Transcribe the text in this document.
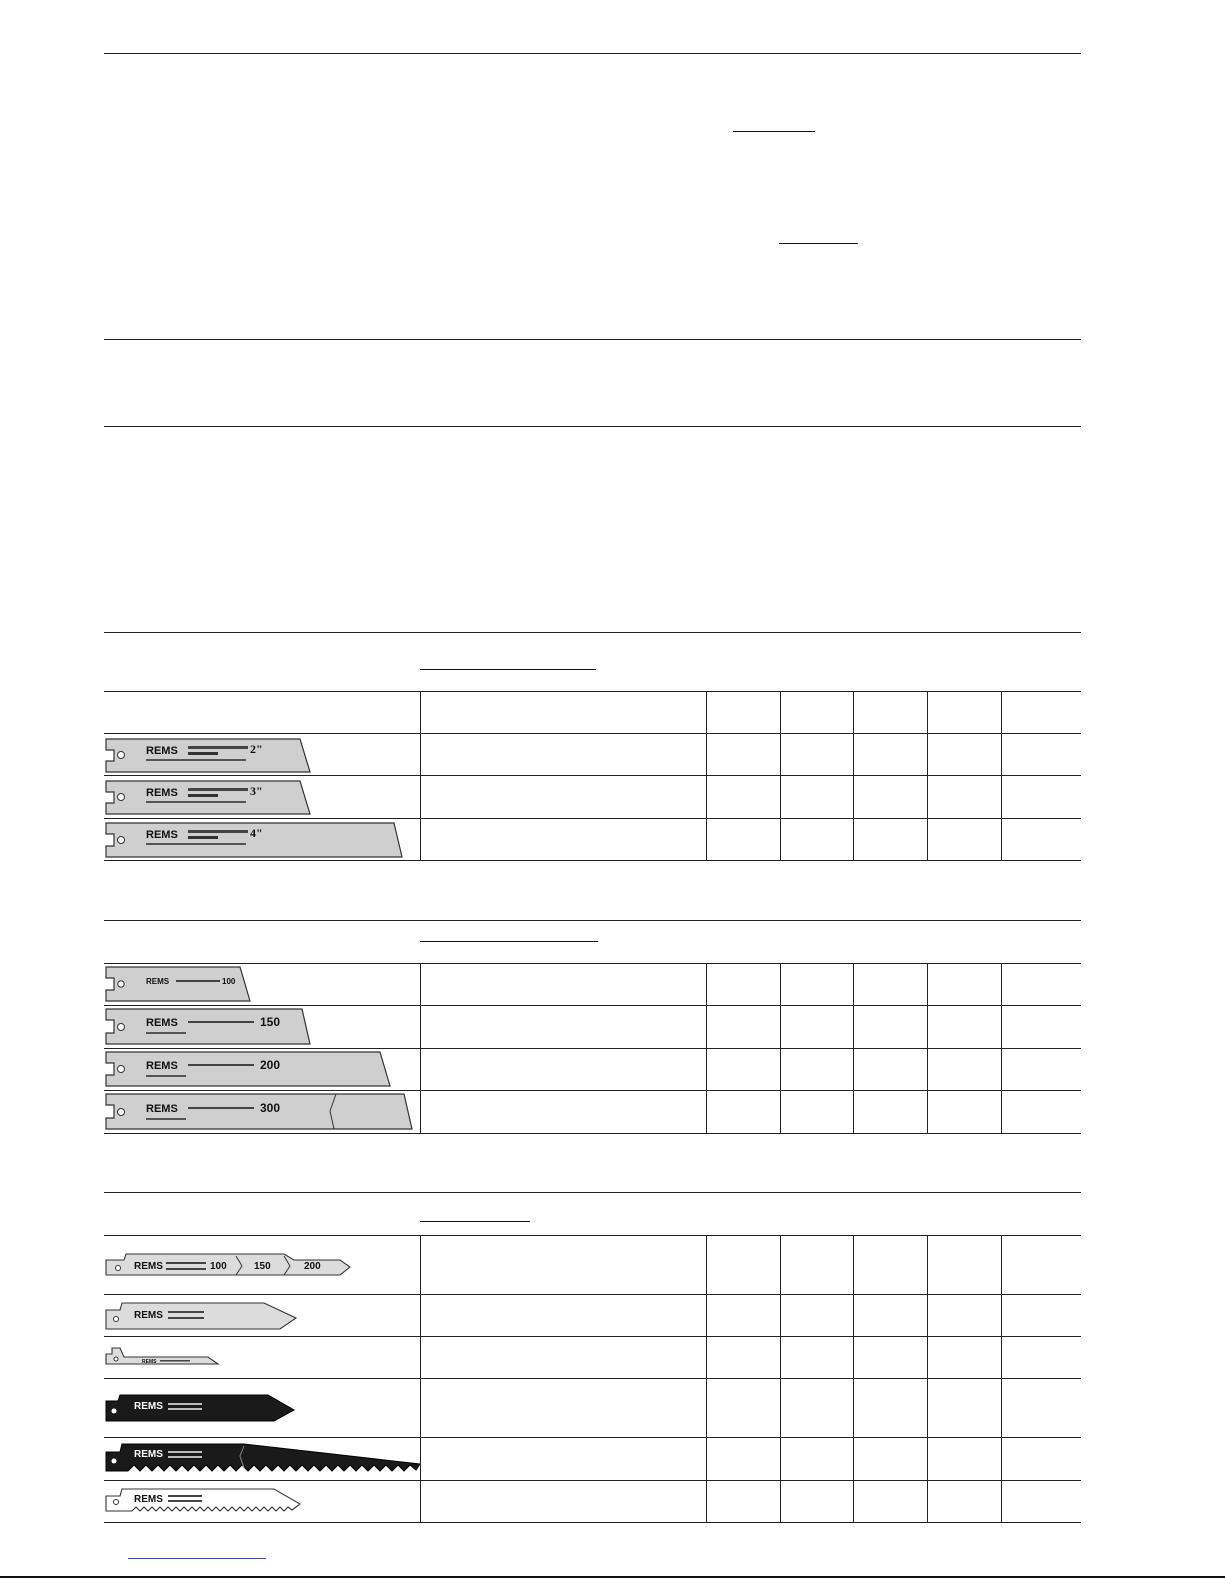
REMS	2"
REMS	3"
REMS	4"
REMS	100
REMS	150
REMS	200
REMS	300
REMS	100	150	200
REMS
REMS
REMS
REMS
REMS
